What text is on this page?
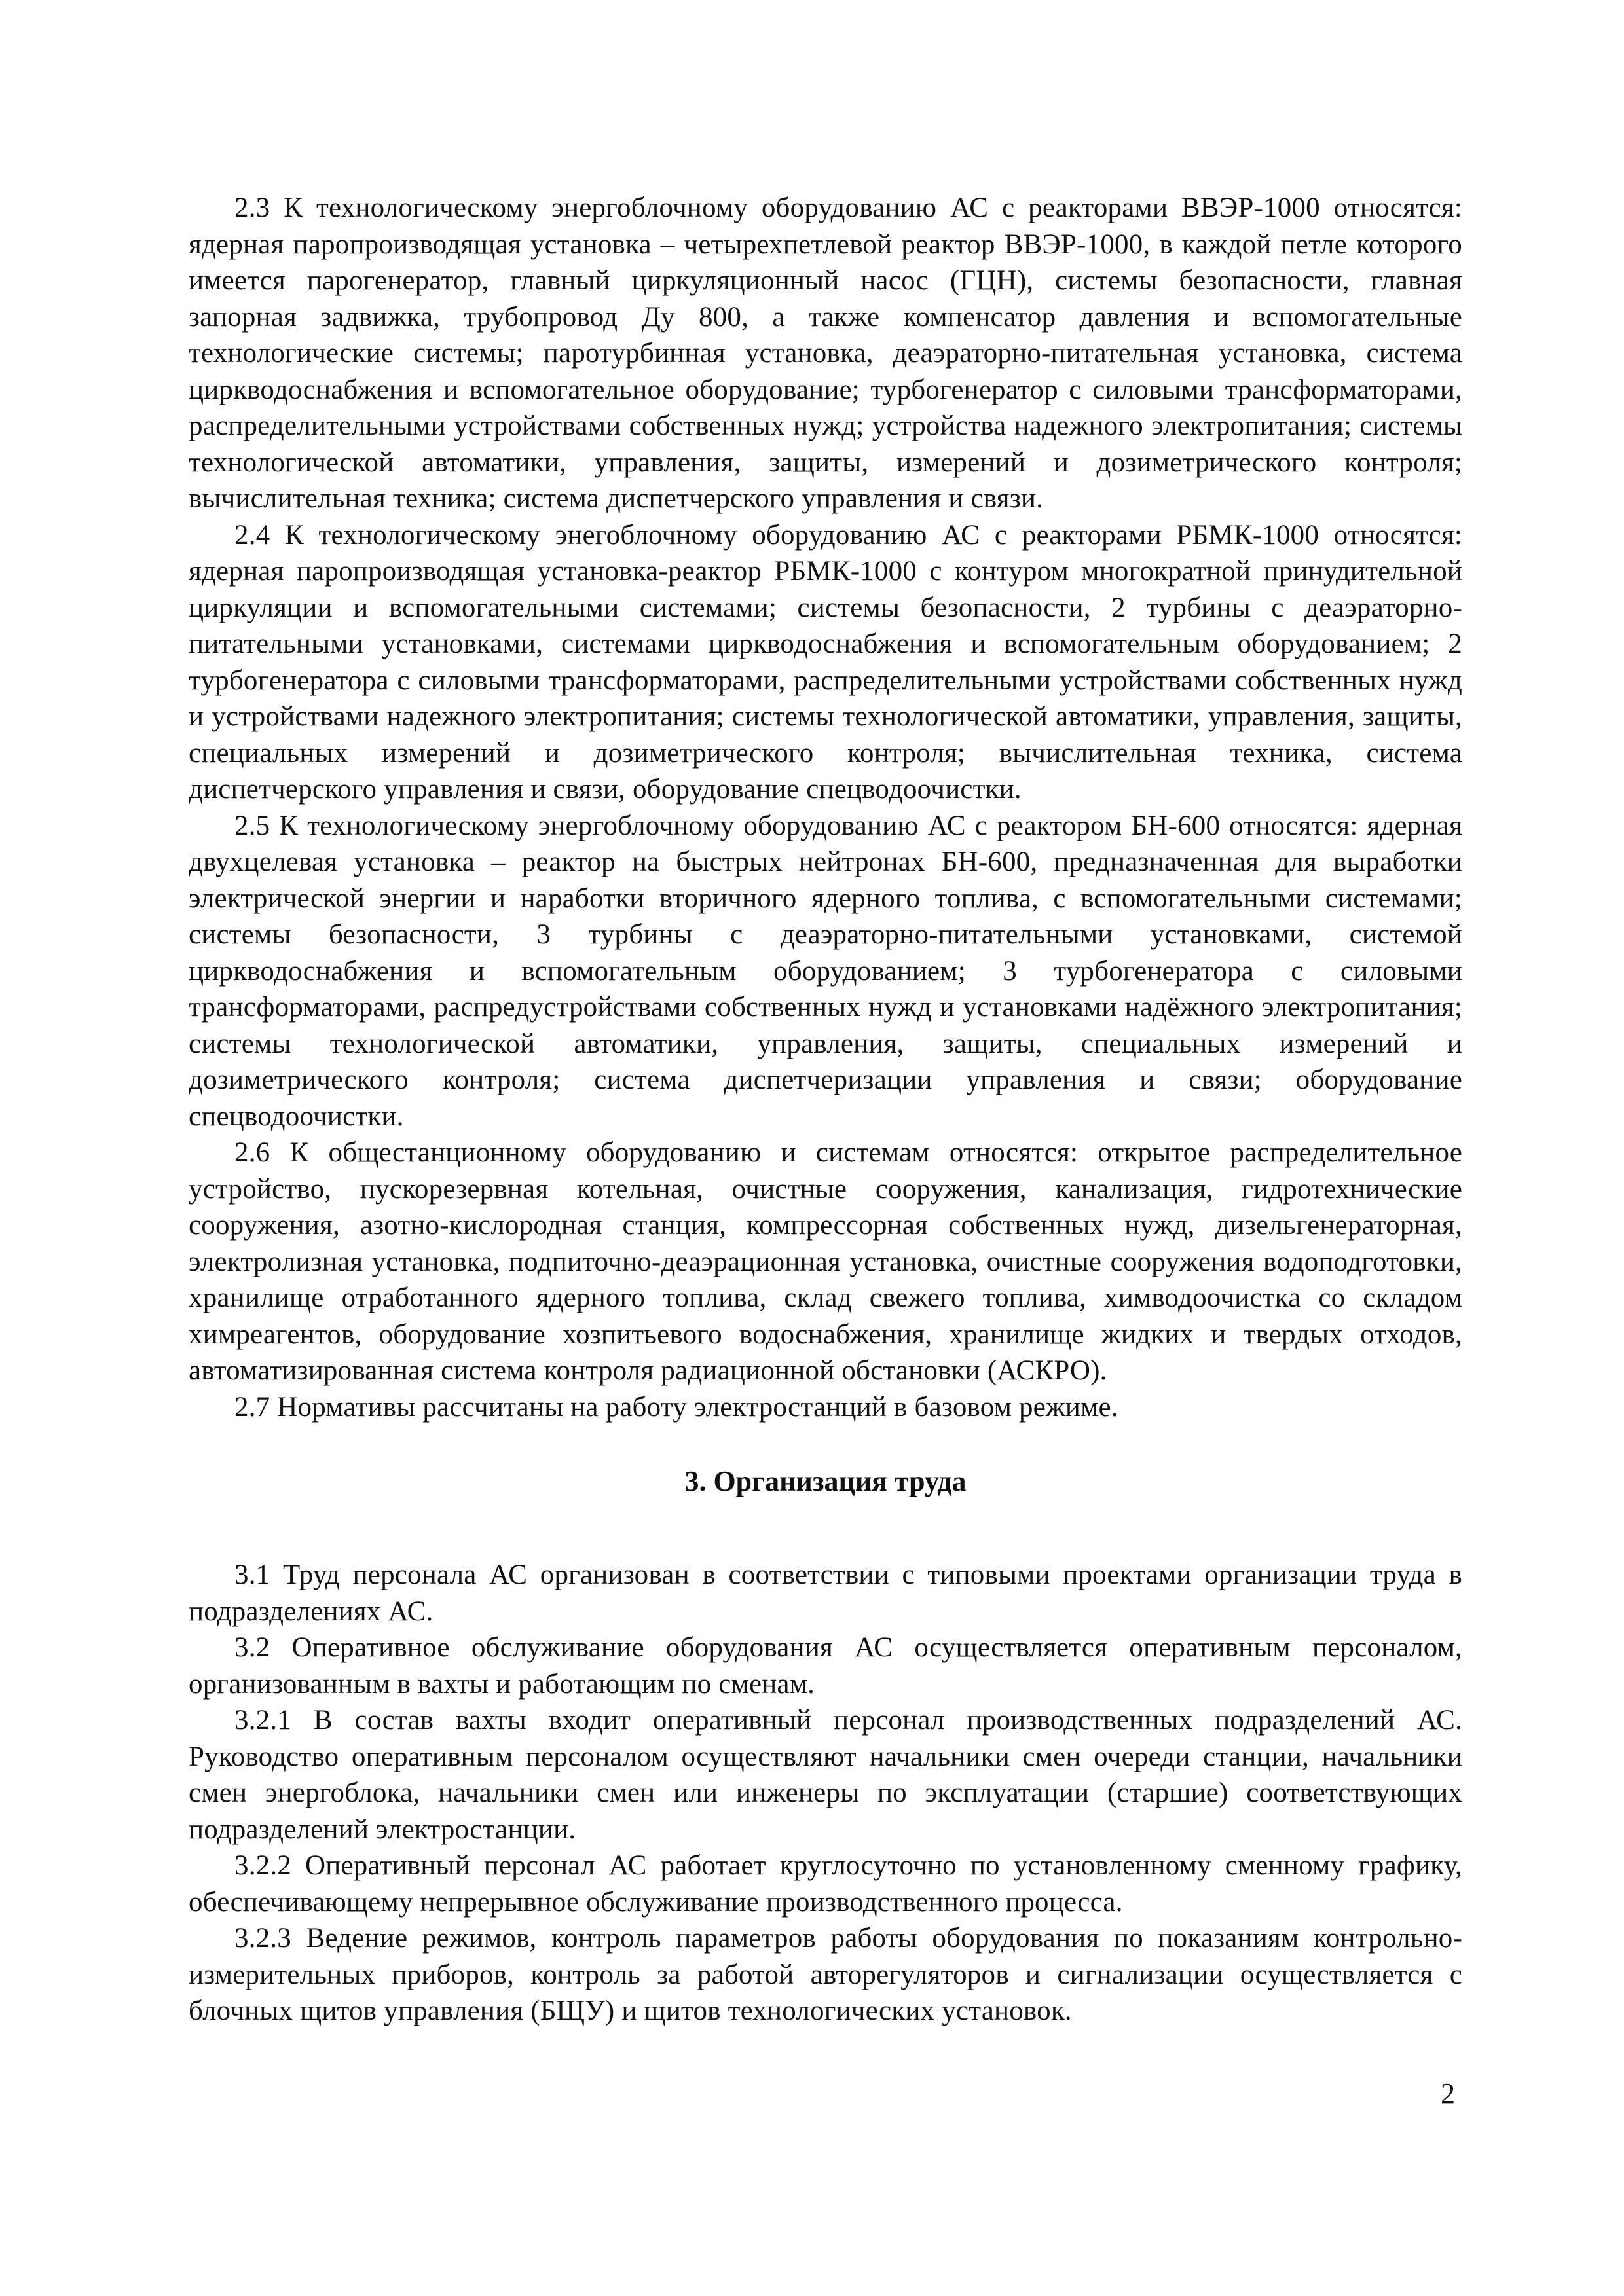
2.3 К технологическому энергоблочному оборудованию АС с реакторами ВВЭР-1000 относятся: ядерная паропроизводящая установка – четырехпетлевой реактор ВВЭР-1000, в каждой петле которого имеется парогенератор, главный циркуляционный насос (ГЦН), системы безопасности, главная запорная задвижка, трубопровод Ду 800, а также компенсатор давления и вспомогательные технологические системы; паротурбинная установка, деаэраторно-питательная установка, система циркводоснабжения и вспомогательное оборудование; турбогенератор с силовыми трансформаторами, распределительными устройствами собственных нужд; устройства надежного электропитания; системы технологической автоматики, управления, защиты, измерений и дозиметрического контроля; вычислительная техника; система диспетчерского управления и связи.

2.4 К технологическому энегоблочному оборудованию АС с реакторами РБМК-1000 относятся: ядерная паропроизводящая установка-реактор РБМК-1000 с контуром многократной принудительной циркуляции и вспомогательными системами; системы безопасности, 2 турбины с деаэраторно-питательными установками, системами циркводоснабжения и вспомогательным оборудованием; 2 турбогенератора с силовыми трансформаторами, распределительными устройствами собственных нужд и устройствами надежного электропитания; системы технологической автоматики, управления, защиты, специальных измерений и дозиметрического контроля; вычислительная техника, система диспетчерского управления и связи, оборудование спецводоочистки.

2.5 К технологическому энергоблочному оборудованию АС с реактором БН-600 относятся: ядерная двухцелевая установка – реактор на быстрых нейтронах БН-600, предназначенная для выработки электрической энергии и наработки вторичного ядерного топлива, с вспомогательными системами; системы безопасности, 3 турбины с деаэраторно-питательными установками, системой циркводоснабжения и вспомогательным оборудованием; 3 турбогенератора с силовыми трансформаторами, распредустройствами собственных нужд и установками надёжного электропитания; системы технологической автоматики, управления, защиты, специальных измерений и дозиметрического контроля; система диспетчеризации управления и связи; оборудование спецводоочистки.

2.6 К общестанционному оборудованию и системам относятся: открытое распределительное устройство, пускорезервная котельная, очистные сооружения, канализация, гидротехнические сооружения, азотно-кислородная станция, компрессорная собственных нужд, дизельгенераторная, электролизная установка, подпиточно-деаэрационная установка, очистные сооружения водоподготовки, хранилище отработанного ядерного топлива, склад свежего топлива, химводоочистка со складом химреагентов, оборудование хозпитьевого водоснабжения, хранилище жидких и твердых отходов, автоматизированная система контроля радиационной обстановки (АСКРО).

2.7 Нормативы рассчитаны на работу электростанций в базовом режиме.

3. Организация труда

3.1 Труд персонала АС организован в соответствии с типовыми проектами организации труда в подразделениях АС.

3.2 Оперативное обслуживание оборудования АС осуществляется оперативным персоналом, организованным в вахты и работающим по сменам.

3.2.1 В состав вахты входит оперативный персонал производственных подразделений АС. Руководство оперативным персоналом осуществляют начальники смен очереди станции, начальники смен энергоблока, начальники смен или инженеры по эксплуатации (старшие) соответствующих подразделений электростанции.

3.2.2 Оперативный персонал АС работает круглосуточно по установленному сменному графику, обеспечивающему непрерывное обслуживание производственного процесса.

3.2.3 Ведение режимов, контроль параметров работы оборудования по показаниям контрольно-измерительных приборов, контроль за работой авторегуляторов и сигнализации осуществляется с блочных щитов управления (БЩУ) и щитов технологических установок.

2
